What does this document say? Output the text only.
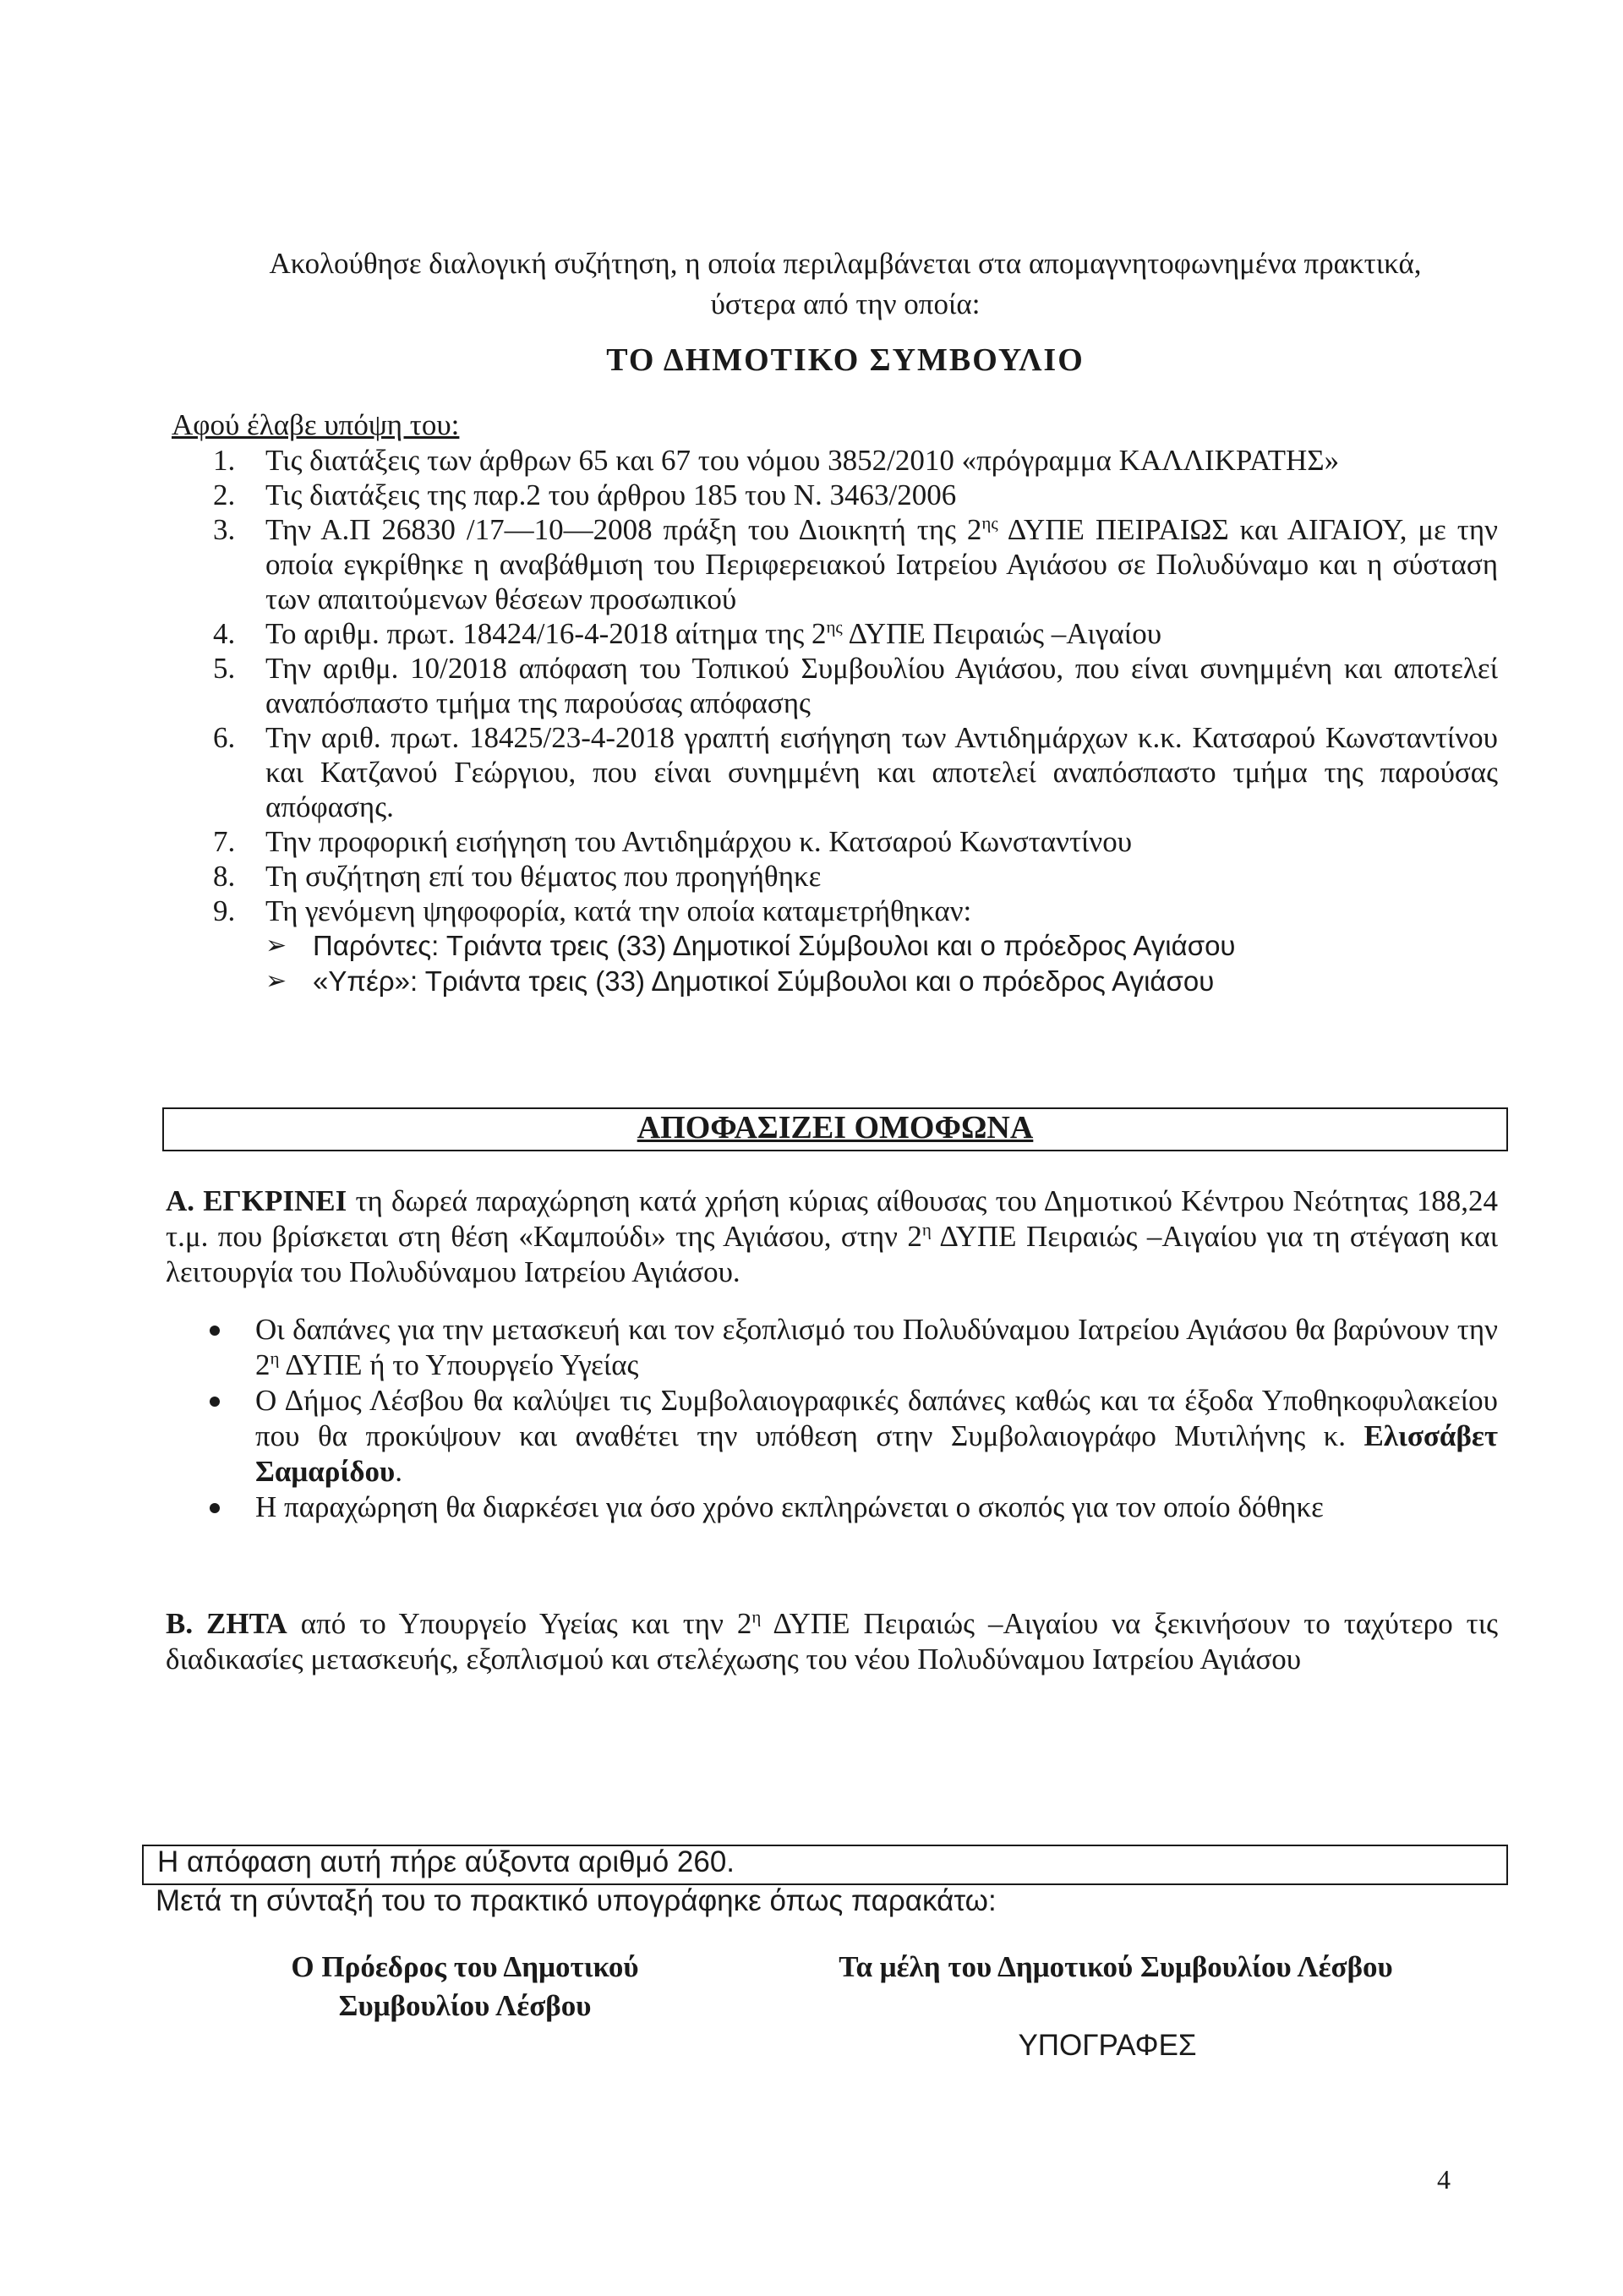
Ακολούθησε διαλογική συζήτηση, η οποία περιλαμβάνεται στα απομαγνητοφωνημένα πρακτικά,
ύστερα από την οποία:
ΤΟ ΔΗΜΟΤΙΚΟ ΣΥΜΒΟΥΛΙΟ
Αφού έλαβε υπόψη του:
1. Τις διατάξεις των άρθρων 65 και 67 του νόμου 3852/2010 «πρόγραμμα ΚΑΛΛΙΚΡΑΤΗΣ»
2. Τις διατάξεις της παρ.2 του άρθρου 185 του Ν. 3463/2006
3. Την Α.Π 26830 /17—10—2008 πράξη του Διοικητή της $2^{\eta\varsigma}$ ΔΥΠΕ ΠΕΙΡΑΙΩΣ και ΑΙΓΑΙΟΥ, με την οποία εγκρίθηκε η αναβάθμιση του Περιφερειακού Ιατρείου Αγιάσου σε Πολυδύναμο και η σύσταση των απαιτούμενων θέσεων προσωπικού
4. Το αριθμ. πρωτ. 18424/16-4-2018 αίτημα της $2^{\eta\varsigma}$ ΔΥΠΕ Πειραιώς –Αιγαίου
5. Την αριθμ. 10/2018 απόφαση του Τοπικού Συμβουλίου Αγιάσου, που είναι συνημμένη και αποτελεί αναπόσπαστο τμήμα της παρούσας απόφασης
6. Την αριθ. πρωτ. 18425/23-4-2018 γραπτή εισήγηση των Αντιδημάρχων κ.κ. Κατσαρού Κωνσταντίνου και Κατζανού Γεώργιου, που είναι συνημμένη και αποτελεί αναπόσπαστο τμήμα της παρούσας απόφασης.
7. Την προφορική εισήγηση του Αντιδημάρχου κ. Κατσαρού Κωνσταντίνου
8. Τη συζήτηση επί του θέματος που προηγήθηκε
9. Τη γενόμενη ψηφοφορία, κατά την οποία καταμετρήθηκαν:
➢ Παρόντες: Τριάντα τρεις (33) Δημοτικοί Σύμβουλοι και ο πρόεδρος Αγιάσου
➢ «Υπέρ»: Τριάντα τρεις (33) Δημοτικοί Σύμβουλοι και ο πρόεδρος Αγιάσου
ΑΠΟΦΑΣΙΖΕΙ ΟΜΟΦΩΝΑ
Α. ΕΓΚΡΙΝΕΙ τη δωρεά παραχώρηση κατά χρήση κύριας αίθουσας του Δημοτικού Κέντρου Νεότητας 188,24 τ.μ. που βρίσκεται στη θέση «Καμπούδι» της Αγιάσου, στην $2^\eta$ ΔΥΠΕ Πειραιώς –Αιγαίου για τη στέγαση και λειτουργία του Πολυδύναμου Ιατρείου Αγιάσου.
Οι δαπάνες για την μετασκευή και τον εξοπλισμό του Πολυδύναμου Ιατρείου Αγιάσου θα βαρύνουν την $2^\eta$ ΔΥΠΕ ή το Υπουργείο Υγείας
Ο Δήμος Λέσβου θα καλύψει τις Συμβολαιογραφικές δαπάνες καθώς και τα έξοδα Υποθηκοφυλακείου που θα προκύψουν και αναθέτει την υπόθεση στην Συμβολαιογράφο Μυτιλήνης κ. Ελισσάβετ Σαμαρίδου.
Η παραχώρηση θα διαρκέσει για όσο χρόνο εκπληρώνεται ο σκοπός για τον οποίο δόθηκε
Β. ΖΗΤΑ από το Υπουργείο Υγείας και την $2^\eta$ ΔΥΠΕ Πειραιώς –Αιγαίου να ξεκινήσουν το ταχύτερο τις διαδικασίες μετασκευής, εξοπλισμού και στελέχωσης του νέου Πολυδύναμου Ιατρείου Αγιάσου
Η απόφαση αυτή πήρε αύξοντα αριθμό 260.
Μετά τη σύνταξή του το πρακτικό υπογράφηκε όπως παρακάτω:
Ο Πρόεδρος του Δημοτικού
Συμβουλίου Λέσβου
Τα μέλη του Δημοτικού Συμβουλίου Λέσβου
ΥΠΟΓΡΑΦΕΣ
4
